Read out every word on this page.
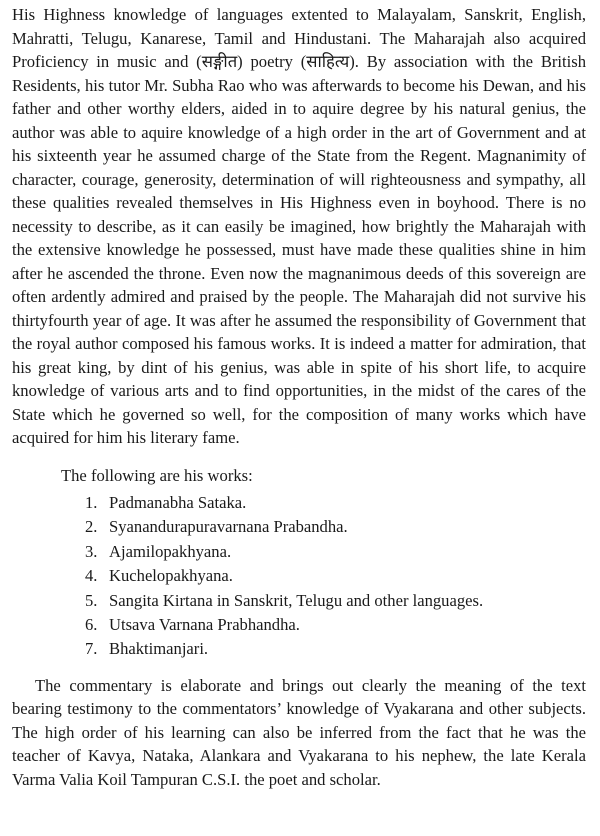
His Highness knowledge of languages extented to Malayalam, Sanskrit, English, Mahratti, Telugu, Kanarese, Tamil and Hindustani. The Maharajah also acquired Proficiency in music and (सङ्गीत) poetry (साहित्य). By association with the British Residents, his tutor Mr. Subha Rao who was afterwards to become his Dewan, and his father and other worthy elders, aided in to aquire degree by his natural genius, the author was able to aquire knowledge of a high order in the art of Government and at his sixteenth year he assumed charge of the State from the Regent. Magnanimity of character, courage, generosity, determination of will righteousness and sympathy, all these qualities revealed themselves in His Highness even in boyhood. There is no necessity to describe, as it can easily be imagined, how brightly the Maharajah with the extensive knowledge he possessed, must have made these qualities shine in him after he ascended the throne. Even now the magnanimous deeds of this sovereign are often ardently admired and praised by the people. The Maharajah did not survive his thirtyfourth year of age. It was after he assumed the responsibility of Government that the royal author composed his famous works. It is indeed a matter for admiration, that his great king, by dint of his genius, was able in spite of his short life, to acquire knowledge of various arts and to find opportunities, in the midst of the cares of the State which he governed so well, for the composition of many works which have acquired for him his literary fame.

The following are his works:

1. Padmanabha Sataka.
2. Syanandurapuravarnana Prabandha.
3. Ajamilopakhyana.
4. Kuchelopakhyana.
5. Sangita Kirtana in Sanskrit, Telugu and other languages.
6. Utsava Varnana Prabhandha.
7. Bhaktimanjari.

The commentary is elaborate and brings out clearly the meaning of the text bearing testimony to the commentators’ knowledge of Vyakarana and other subjects. The high order of his learning can also be inferred from the fact that he was the teacher of Kavya, Nataka, Alankara and Vyakarana to his nephew, the late Kerala Varma Valia Koil Tampuran C.S.I. the poet and scholar.
